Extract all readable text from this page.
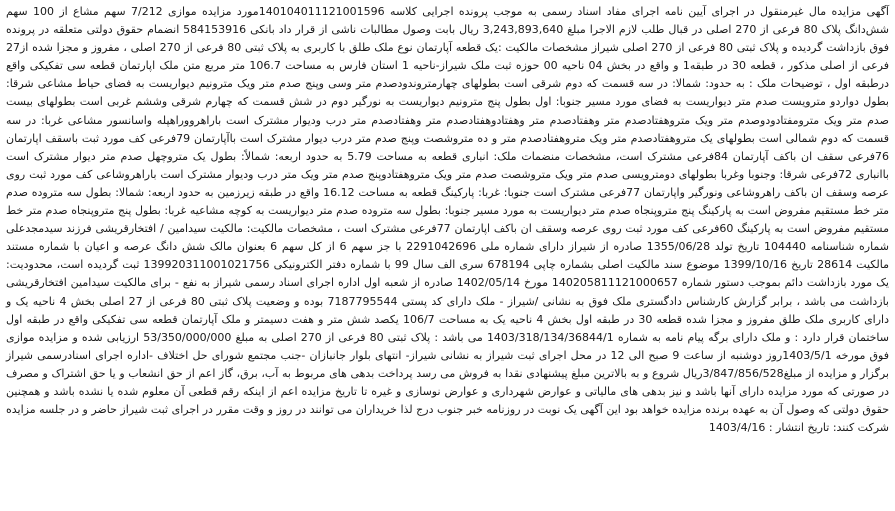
آگهی مزایده مال غیرمنقول در اجرای آیین نامه اجرای مفاد اسناد رسمی به موجب پرونده اجرایی کلاسه 140104011121001596مورد مزایده موازی 7/212 سهم مشاع از 100 سهم شش‌دانگ پلاک 80 فرعی از 270 اصلی در قبال طلب لازم الاجرا مبلغ 3,243,893,640 ریال بابت وصول مطالبات ناشی از قرار داد بانکی 584153916 انضمام حقوق دولتی متعلقه در پرونده فوق بازداشت گردیده و پلاک ثبتی 80 فرعی از 270 اصلی شیراز مشخصات مالکیت :یک قطعه آپارتمان نوع ملک طلق با کاربری به پلاک ثبتی 80 فرعی از 270 اصلی ، مفروز و مجزا شده از27 فرعی از اصلی مذکور ، قطعه 30 در طبقه1 و واقع در بخش 04 ناحیه 00 حوزه ثبت ملک شیراز-ناحیه 1 استان فارس به مساحت 106.7 متر مربع متن ملک اپارتمان قطعه سی تفکیکی واقع درطبقه اول ، توضیحات ملک : به حدود: شمالا: در سه قسمت که دوم شرقی است بطولهای چهارمتروندودصدم متر وسی وپنج صدم متر ویک مترونیم دیواریست به فضای حیاط مشاعی شرقا: بطول دواردو مترویست صدم متر دیواریست به فضای مورد مسیر جنوبا: اول بطول پنج مترونیم دیواریست به نورگیر دوم در شش قسمت که چهارم شرقی وششم غربی است بطولهای بیست صدم متر ویک مترومفتادودوصدم متر ویک متروهفتادصدم متر وهفتادصدم متر وهفتادوهفتادصدم متر وهفتادصدم متر درب ودیوار مشترک است باراهرووراهپله واسانسور مشاعی غربا: در سه قسمت که دوم شمالی است بطولهای یک متروهفتادصدم متر ویک متروهفتادصدم متر و ده متروشصت وپنج صدم متر درب دیوار مشترک است باآپارتمان 79فرعی کف مورد ثبت باسقف اپارتمان 76فرعی سقف ان باکف آپارتمان 84فرعی مشترک است، مشخصات منضمات ملک: انباری قطعه به مساحت 5.79 به حدود اربعه: شمالاً: بطول یک متروچهل صدم متر دیوار مشترک است باانباری 72فرعی شرقا: وجنوبا وغربا بطولهای دومترویسی صدم متر ویک متروشصت صدم متر ویک متروهفتادوپنج صدم متر ویک متر درب ودیوار مشترک است باراهروشاعی کف مورد ثبت روی عرصه وسقف ان باکف راهروشاعی ونورگیر واپارتمان 77فرعی مشترک است جنوبا: غربا: پارکینگ قطعه به مساحت 16.12 واقع در طبقه زیرزمین به حدود اربعه: شمالا: بطول سه متروده صدم متر خط مستقیم مفروض است به پارکینگ پنج متروپنجاه صدم متر دیواریست به مورد مسیر جنوبا: بطول سه متروده صدم متر دیواریست به کوچه مشاعیه غربا: بطول پنج متروپنجاه صدم متر خط مستقیم مفروض است به پارکینگ 60فرعی کف مورد ثبت روی عرصه وسقف ان باکف اپارتمان 77فرعی مشترک است ، مشخصات مالکیت: مالکیت سیدامین / افتخارقریشی فرزند سیدمجدعلی شماره شناسنامه 104440 تاریخ تولد 1355/06/28 صادره از شیراز دارای شماره ملی 2291042696 با جز سهم 6 از کل سهم 6 بعنوان مالک شش دانگ عرصه و اعیان با شماره مستند مالکیت 28614 تاریخ 1399/10/16 موضوع سند مالکیت اصلی بشماره چاپی 678194 سری الف سال 99 با شماره دفتر الکترونیکی 139920311001021756 ثبت گردیده است، محدودیت: یک مورد بازداشت دائم بموجب دستور شماره 140205811121000657 مورخ 1402/05/14 صادره از شعبه اول اداره اجرای اسناد رسمی شیراز به نفع - برای مالکیت سیدامین افتخارقریشی بازداشت می باشد ، برابر گزارش کارشناس دادگستری ملک فوق به نشانی /شیراز - ملک دارای کد پستی 7187795544 بوده و وضعیت پلاک ثبتی 80 فرعی از 27 اصلی بخش 4 ناحیه یک و دارای کاربری ملک طلق مفروز و مجزا شده قطعه 30 در طبقه اول بخش 4 ناحیه یک به مساحت 106/7 یکصد شش متر و هفت دسیمتر و ملک آپارتمان قطعه سی تفکیکی واقع در طبقه اول ساختمان قرار دارد : و ملک دارای برگه پیام نامه به شماره 1403/318/134/36844/1 می باشد : پلاک ثبتی 80 فرعی از 270 اصلی به مبلغ 53/350/000/000 ارزیابی شده و مزایده موازی فوق مورخه 1403/5/1روز دوشنبه از ساعت 9 صبح الی 12 در محل اجرای ثبت شیراز به نشانی شیراز- انتهای بلوار جانبازان -جنب مجتمع شورای حل اختلاف -اداره اجرای اسنادرسمی شیراز برگزار و مزایده از مبلغ3/847/856/528ریال شروع و به بالاترین مبلغ پیشنهادی نقدا به فروش می رسد پرداخت بدهی های مربوط به آب، برق، گاز اعم از حق انشعاب و یا حق اشتراک و مصرف در صورتی که مورد مزایده دارای آنها باشد و نیز بدهی های مالیاتی و عوارض شهرداری و عوارض نوسازی و غیره تا تاریخ مزایده اعم از اینکه رقم قطعی آن معلوم شده یا نشده باشد و همچنین حقوق دولتی که وصول آن به عهده برنده مزایده خواهد بود این آگهی یک نوبت در روزنامه خبر جنوب درج لذا خریداران می توانند در روز و وقت مقرر در اجرای ثبت شیراز حاضر و در جلسه مزایده شرکت کنند: تاریخ انتشار : 1403/4/16
